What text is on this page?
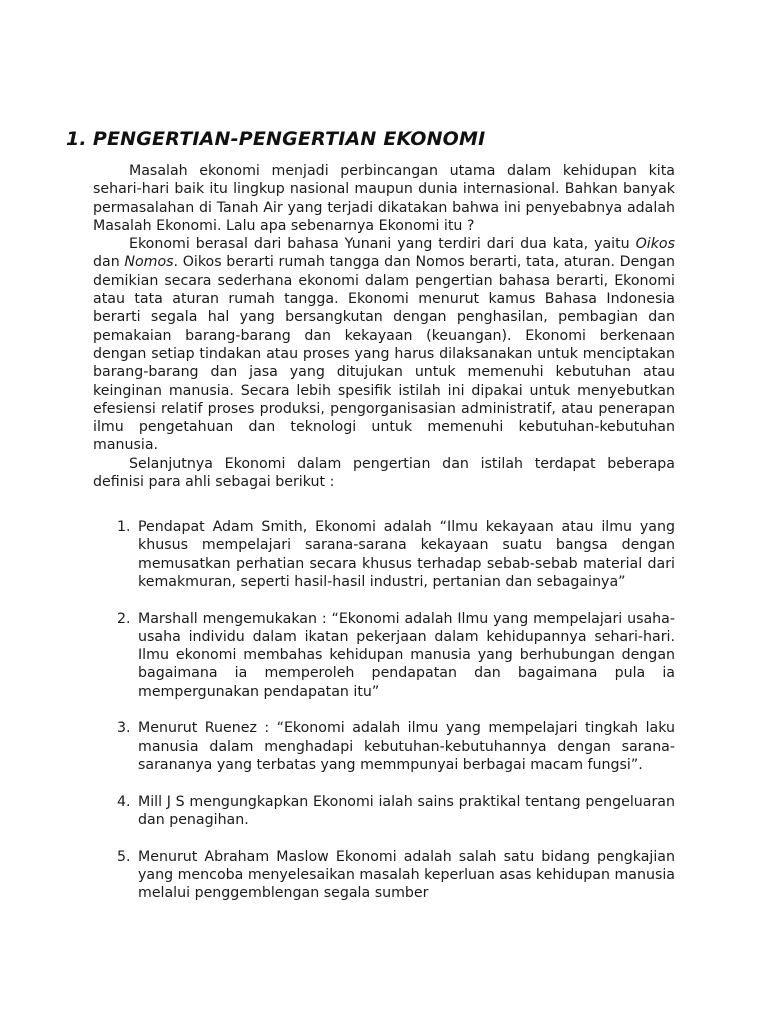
1. PENGERTIAN-PENGERTIAN EKONOMI

Masalah ekonomi menjadi perbincangan utama dalam kehidupan kita sehari-hari baik itu lingkup nasional maupun dunia internasional. Bahkan banyak permasalahan di Tanah Air yang terjadi dikatakan bahwa ini penyebabnya adalah Masalah Ekonomi. Lalu apa sebenarnya Ekonomi itu ?

Ekonomi berasal dari bahasa Yunani yang terdiri dari dua kata, yaitu Oikos dan Nomos. Oikos berarti rumah tangga dan Nomos berarti, tata, aturan. Dengan demikian secara sederhana ekonomi dalam pengertian bahasa berarti, Ekonomi atau tata aturan rumah tangga. Ekonomi menurut kamus Bahasa Indonesia berarti segala hal yang bersangkutan dengan penghasilan, pembagian dan pemakaian barang-barang dan kekayaan (keuangan). Ekonomi berkenaan dengan setiap tindakan atau proses yang harus dilaksanakan untuk menciptakan barang-barang dan jasa yang ditujukan untuk memenuhi kebutuhan atau keinginan manusia. Secara lebih spesifik istilah ini dipakai untuk menyebutkan efesiensi relatif proses produksi, pengorganisasian administratif, atau penerapan ilmu pengetahuan dan teknologi untuk memenuhi kebutuhan-kebutuhan manusia.

Selanjutnya Ekonomi dalam pengertian dan istilah terdapat beberapa definisi para ahli sebagai berikut :

1. Pendapat Adam Smith, Ekonomi adalah “Ilmu kekayaan atau ilmu yang khusus mempelajari sarana-sarana kekayaan suatu bangsa dengan memusatkan perhatian secara khusus terhadap sebab-sebab material dari kemakmuran, seperti hasil-hasil industri, pertanian dan sebagainya”
2. Marshall mengemukakan : “Ekonomi adalah Ilmu yang mempelajari usaha-usaha individu dalam ikatan pekerjaan dalam kehidupannya sehari-hari. Ilmu ekonomi membahas kehidupan manusia yang berhubungan dengan bagaimana ia memperoleh pendapatan dan bagaimana pula ia mempergunakan pendapatan itu”
3. Menurut Ruenez : “Ekonomi adalah ilmu yang mempelajari tingkah laku manusia dalam menghadapi kebutuhan-kebutuhannya dengan sarana-saranan​ya yang terbatas yang memmpunyai berbagai macam fungsi”.
4. Mill J S mengungkapkan Ekonomi ialah sains praktikal tentang pengeluaran dan penagihan.
5. Menurut Abraham Maslow Ekonomi adalah salah satu bidang pengkajian yang mencoba menyelesaikan masalah keperluan asas kehidupan manusia melalui penggemblengan segala sumber
